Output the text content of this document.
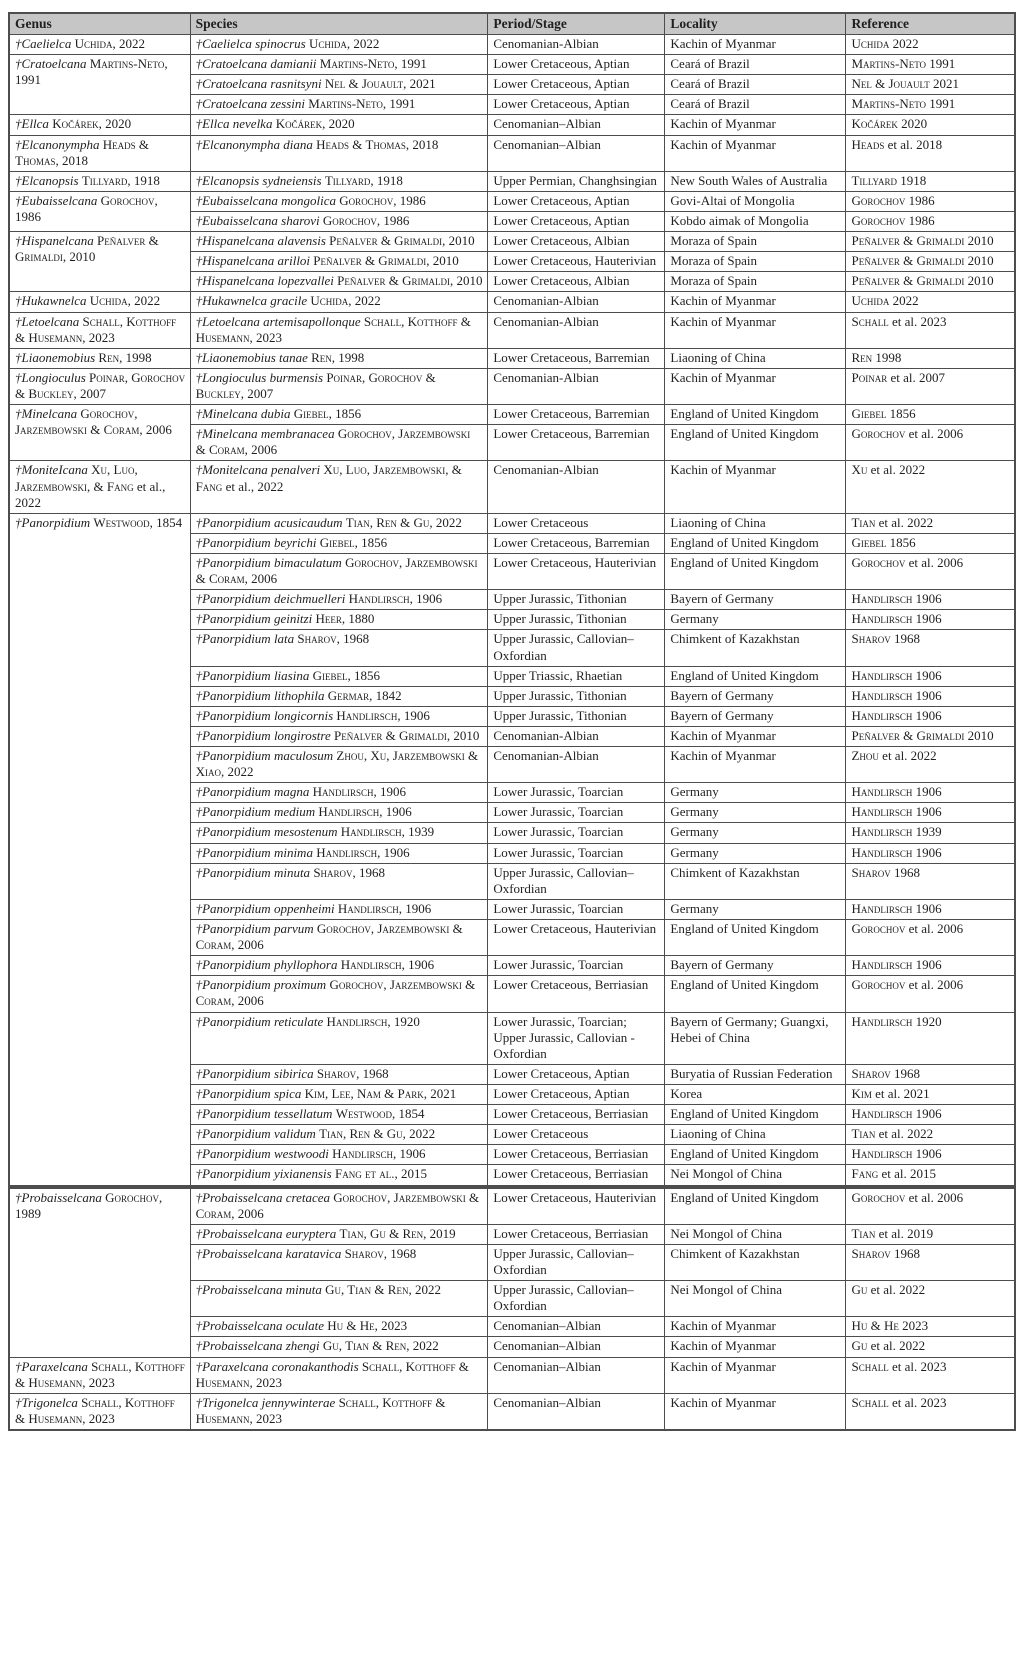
Genus	Species	Period/Stage	Locality	Reference
†Caelielca Uchida, 2022	†Caelielca spinocrus Uchida, 2022	Cenomanian-Albian	Kachin of Myanmar	Uchida 2022
†Cratoelcana Martins-Neto, 1991	†Cratoelcana damianii Martins-Neto, 1991	Lower Cretaceous, Aptian	Ceará of Brazil	Martins-Neto 1991
	†Cratoelcana rasnitsyni Nel & Jouault, 2021	Lower Cretaceous, Aptian	Ceará of Brazil	Nel & Jouault 2021
	†Cratoelcana zessini Martins-Neto, 1991	Lower Cretaceous, Aptian	Ceará of Brazil	Martins-Neto 1991
†Ellca Kočárek, 2020	†Ellca nevelka Kočárek, 2020	Cenomanian–Albian	Kachin of Myanmar	Kočárek 2020
†Elcanonympha Heads & Thomas, 2018	†Elcanonympha diana Heads & Thomas, 2018	Cenomanian–Albian	Kachin of Myanmar	Heads et al. 2018
†Elcanopsis Tillyard, 1918	†Elcanopsis sydneiensis Tillyard, 1918	Upper Permian, Changhsingian	New South Wales of Australia	Tillyard 1918
†Eubaisselcana Gorochov, 1986	†Eubaisselcana mongolica Gorochov, 1986	Lower Cretaceous, Aptian	Govi-Altai of Mongolia	Gorochov 1986
	†Eubaisselcana sharovi Gorochov, 1986	Lower Cretaceous, Aptian	Kobdo aimak of Mongolia	Gorochov 1986
†Hispanelcana Peñalver & Grimaldi, 2010	†Hispanelcana alavensis Peñalver & Grimaldi, 2010	Lower Cretaceous, Albian	Moraza of Spain	Peñalver & Grimaldi 2010
	†Hispanelcana arilloi Peñalver & Grimaldi, 2010	Lower Cretaceous, Hauterivian	Moraza of Spain	Peñalver & Grimaldi 2010
	†Hispanelcana lopezvallei Peñalver & Grimaldi, 2010	Lower Cretaceous, Albian	Moraza of Spain	Peñalver & Grimaldi 2010
†Hukawnelca Uchida, 2022	†Hukawnelca gracile Uchida, 2022	Cenomanian-Albian	Kachin of Myanmar	Uchida 2022
†Letoelcana Schall, Kotthoff & Husemann, 2023	†Letoelcana artemisapollonque Schall, Kotthoff & Husemann, 2023	Cenomanian-Albian	Kachin of Myanmar	Schall et al. 2023
†Liaonemobius Ren, 1998	†Liaonemobius tanae Ren, 1998	Lower Cretaceous, Barremian	Liaoning of China	Ren 1998
†Longioculus Poinar, Gorochov & Buckley, 2007	†Longioculus burmensis Poinar, Gorochov & Buckley, 2007	Cenomanian-Albian	Kachin of Myanmar	Poinar et al. 2007
†Minelcana Gorochov, Jarzembowski & Coram, 2006	†Minelcana dubia Giebel, 1856	Lower Cretaceous, Barremian	England of United Kingdom	Giebel 1856
	†Minelcana membranacea Gorochov, Jarzembowski & Coram, 2006	Lower Cretaceous, Barremian	England of United Kingdom	Gorochov et al. 2006
†MoniteIcana Xu, Luo, Jarzembowski, & Fang et al., 2022	†Monitelcana penalveri Xu, Luo, Jarzembowski, & Fang et al., 2022	Cenomanian-Albian	Kachin of Myanmar	Xu et al. 2022
†Panorpidium Westwood, 1854	†Panorpidium acusicaudum Tian, Ren & Gu, 2022	Lower Cretaceous	Liaoning of China	Tian et al. 2022
	†Panorpidium beyrichi Giebel, 1856	Lower Cretaceous, Barremian	England of United Kingdom	Giebel 1856
	†Panorpidium bimaculatum Gorochov, Jarzembowski & Coram, 2006	Lower Cretaceous, Hauterivian	England of United Kingdom	Gorochov et al. 2006
	†Panorpidium deichmuelleri Handlirsch, 1906	Upper Jurassic, Tithonian	Bayern of Germany	Handlirsch 1906
	†Panorpidium geinitzi Heer, 1880	Upper Jurassic, Tithonian	Germany	Handlirsch 1906
	†Panorpidium lata Sharov, 1968	Upper Jurassic, Callovian–Oxfordian	Chimkent of Kazakhstan	Sharov 1968
	†Panorpidium liasina Giebel, 1856	Upper Triassic, Rhaetian	England of United Kingdom	Handlirsch 1906
	†Panorpidium lithophila Germar, 1842	Upper Jurassic, Tithonian	Bayern of Germany	Handlirsch 1906
	†Panorpidium longicornis Handlirsch, 1906	Upper Jurassic, Tithonian	Bayern of Germany	Handlirsch 1906
	†Panorpidium longirostre Peñalver & Grimaldi, 2010	Cenomanian-Albian	Kachin of Myanmar	Peñalver & Grimaldi 2010
	†Panorpidium maculosum Zhou, Xu, Jarzembowski & Xiao, 2022	Cenomanian-Albian	Kachin of Myanmar	Zhou et al. 2022
	†Panorpidium magna Handlirsch, 1906	Lower Jurassic, Toarcian	Germany	Handlirsch 1906
	†Panorpidium medium Handlirsch, 1906	Lower Jurassic, Toarcian	Germany	Handlirsch 1906
	†Panorpidium mesostenum Handlirsch, 1939	Lower Jurassic, Toarcian	Germany	Handlirsch 1939
	†Panorpidium minima Handlirsch, 1906	Lower Jurassic, Toarcian	Germany	Handlirsch 1906
	†Panorpidium minuta Sharov, 1968	Upper Jurassic, Callovian–Oxfordian	Chimkent of Kazakhstan	Sharov 1968
	†Panorpidium oppenheimi Handlirsch, 1906	Lower Jurassic, Toarcian	Germany	Handlirsch 1906
	†Panorpidium parvum Gorochov, Jarzembowski & Coram, 2006	Lower Cretaceous, Hauterivian	England of United Kingdom	Gorochov et al. 2006
	†Panorpidium phyllophora Handlirsch, 1906	Lower Jurassic, Toarcian	Bayern of Germany	Handlirsch 1906
	†Panorpidium proximum Gorochov, Jarzembowski & Coram, 2006	Lower Cretaceous, Berriasian	England of United Kingdom	Gorochov et al. 2006
	†Panorpidium reticulate Handlirsch, 1920	Lower Jurassic, Toarcian; Upper Jurassic, Callovian - Oxfordian	Bayern of Germany; Guangxi, Hebei of China	Handlirsch 1920
	†Panorpidium sibirica Sharov, 1968	Lower Cretaceous, Aptian	Buryatia of Russian Federation	Sharov 1968
	†Panorpidium spica Kim, Lee, Nam & Park, 2021	Lower Cretaceous, Aptian	Korea	Kim et al. 2021
	†Panorpidium tessellatum Westwood, 1854	Lower Cretaceous, Berriasian	England of United Kingdom	Handlirsch 1906
	†Panorpidium validum Tian, Ren & Gu, 2022	Lower Cretaceous	Liaoning of China	Tian et al. 2022
	†Panorpidium westwoodi Handlirsch, 1906	Lower Cretaceous, Berriasian	England of United Kingdom	Handlirsch 1906
	†Panorpidium yixianensis Fang et al., 2015	Lower Cretaceous, Berriasian	Nei Mongol of China	Fang et al. 2015
†Probaisselcana Gorochov, 1989	†Probaisselcana cretacea Gorochov, Jarzembowski & Coram, 2006	Lower Cretaceous, Hauterivian	England of United Kingdom	Gorochov et al. 2006
	†Probaisselcana euryptera Tian, Gu & Ren, 2019	Lower Cretaceous, Berriasian	Nei Mongol of China	Tian et al. 2019
	†Probaisselcana karatavica Sharov, 1968	Upper Jurassic, Callovian–Oxfordian	Chimkent of Kazakhstan	Sharov 1968
	†Probaisselcana minuta Gu, Tian & Ren, 2022	Upper Jurassic, Callovian–Oxfordian	Nei Mongol of China	Gu et al. 2022
	†Probaisselcana oculate Hu & He, 2023	Cenomanian–Albian	Kachin of Myanmar	Hu & He 2023
	†Probaisselcana zhengi Gu, Tian & Ren, 2022	Cenomanian–Albian	Kachin of Myanmar	Gu et al. 2022
†Paraxelcana Schall, Kotthoff & Husemann, 2023	†Paraxelcana coronakanthodis Schall, Kotthoff & Husemann, 2023	Cenomanian–Albian	Kachin of Myanmar	Schall et al. 2023
†Trigonelca Schall, Kotthoff & Husemann, 2023	†Trigonelca jennywinterae Schall, Kotthoff & Husemann, 2023	Cenomanian–Albian	Kachin of Myanmar	Schall et al. 2023
